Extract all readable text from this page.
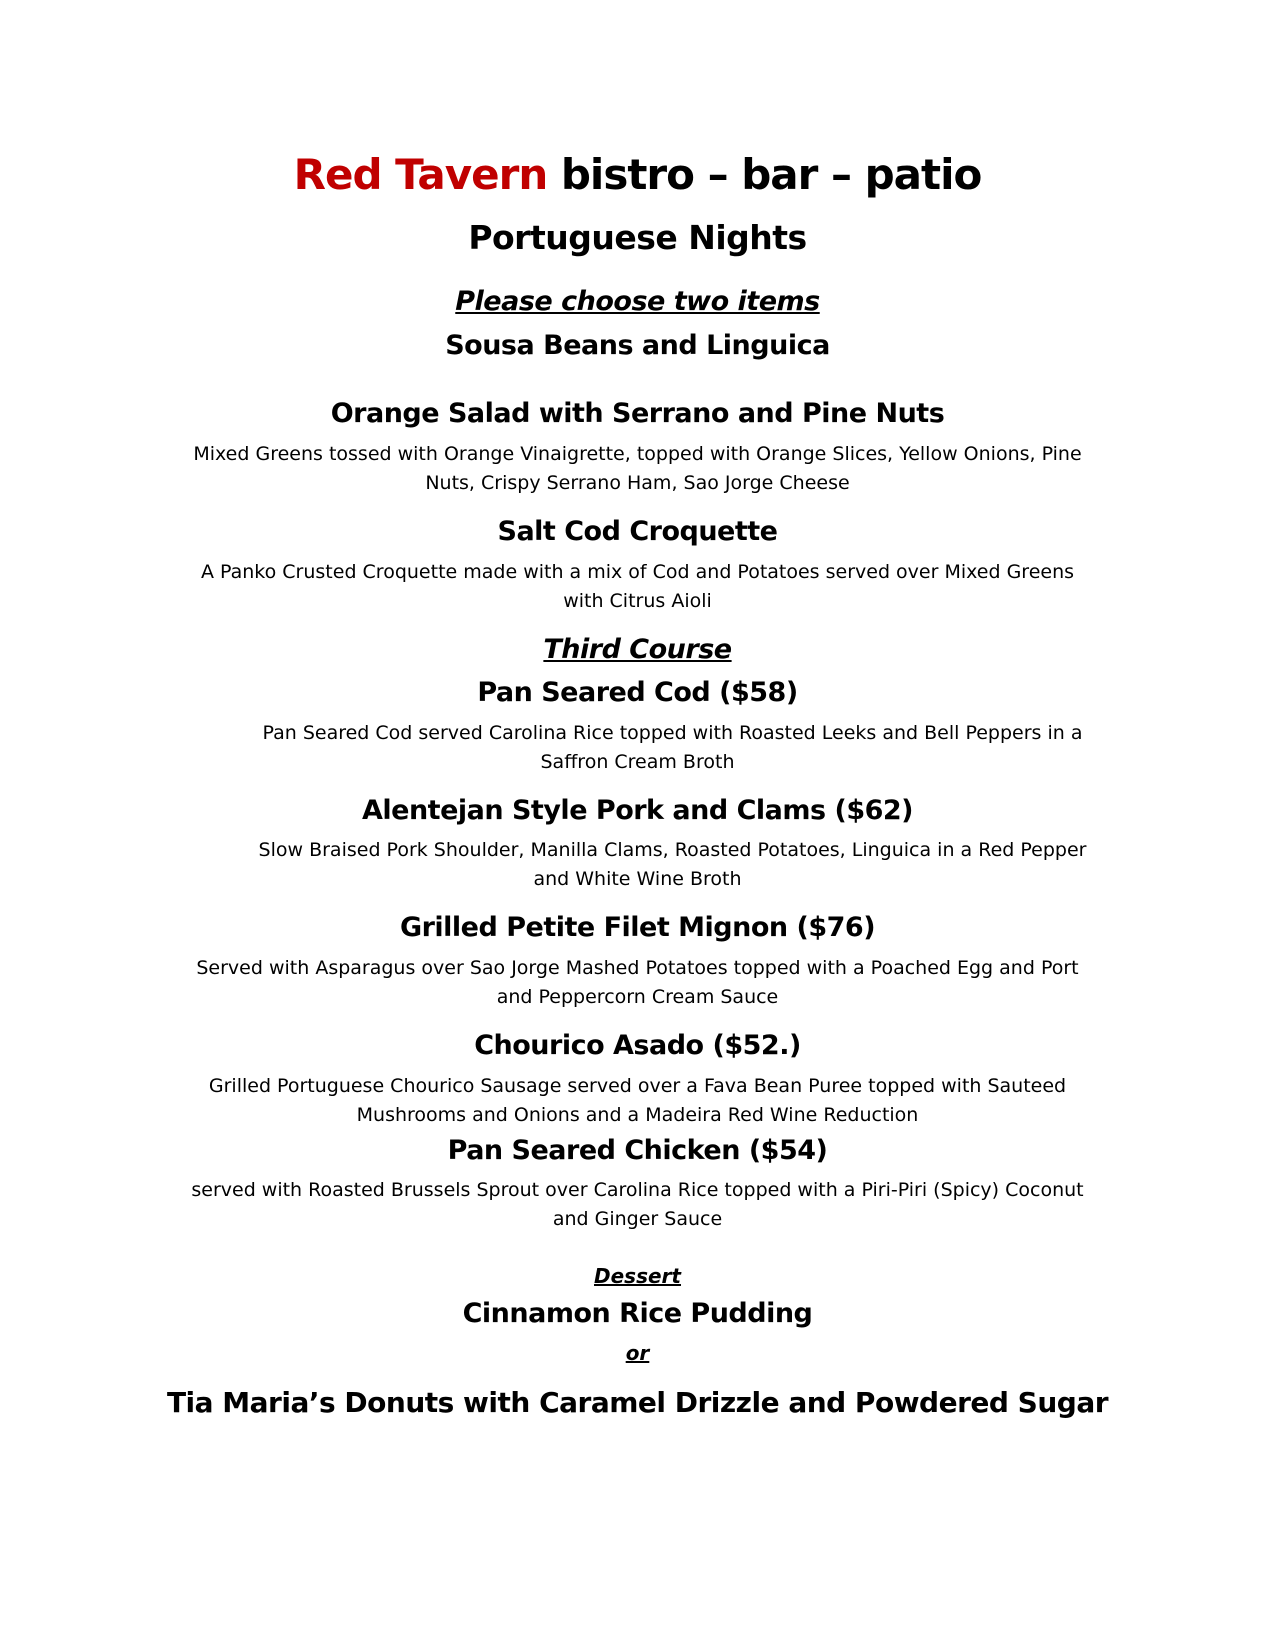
Red Tavern bistro – bar – patio
Portuguese Nights
Please choose two items
Sousa Beans and Linguica
Orange Salad with Serrano and Pine Nuts
Mixed Greens tossed with Orange Vinaigrette, topped with Orange Slices, Yellow Onions, Pine
Nuts, Crispy Serrano Ham, Sao Jorge Cheese
Salt Cod Croquette
A Panko Crusted Croquette made with a mix of Cod and Potatoes served over Mixed Greens
with Citrus Aioli
Third Course
Pan Seared Cod ($58)
Pan Seared Cod served Carolina Rice topped with Roasted Leeks and Bell Peppers in a
Saffron Cream Broth
Alentejan Style Pork and Clams ($62)
Slow Braised Pork Shoulder, Manilla Clams, Roasted Potatoes, Linguica in a Red Pepper
and White Wine Broth
Grilled Petite Filet Mignon ($76)
Served with Asparagus over Sao Jorge Mashed Potatoes topped with a Poached Egg and Port
and Peppercorn Cream Sauce
Chourico Asado ($52.)
Grilled Portuguese Chourico Sausage served over a Fava Bean Puree topped with Sauteed
Mushrooms and Onions and a Madeira Red Wine Reduction
Pan Seared Chicken ($54)
served with Roasted Brussels Sprout over Carolina Rice topped with a Piri-Piri (Spicy) Coconut
and Ginger Sauce
Dessert
Cinnamon Rice Pudding
or
Tia Maria’s Donuts with Caramel Drizzle and Powdered Sugar
